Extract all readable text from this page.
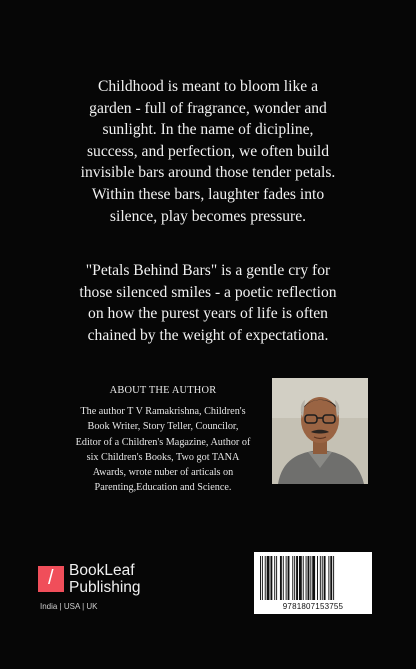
Childhood is meant to bloom like a
garden - full of fragrance, wonder and
sunlight. In the name of dicipline,
success, and perfection, we often build
invisible bars around those tender petals.
Within these bars, laughter fades into
silence, play becomes pressure.
"Petals Behind Bars" is a gentle cry for
those silenced smiles - a poetic reflection
on how the purest years of life is often
chained by the weight of expectationa.
ABOUT THE AUTHOR
The author T V Ramakrishna, Children's
Book Writer, Story Teller, Councilor,
Editor of a Children's Magazine, Author of
six Children's Books, Two got TANA
Awards, wrote nuber of articals on
Parenting,Education and Science.
/ BookLeaf
Publishing
India | USA | UK	9781807153755
